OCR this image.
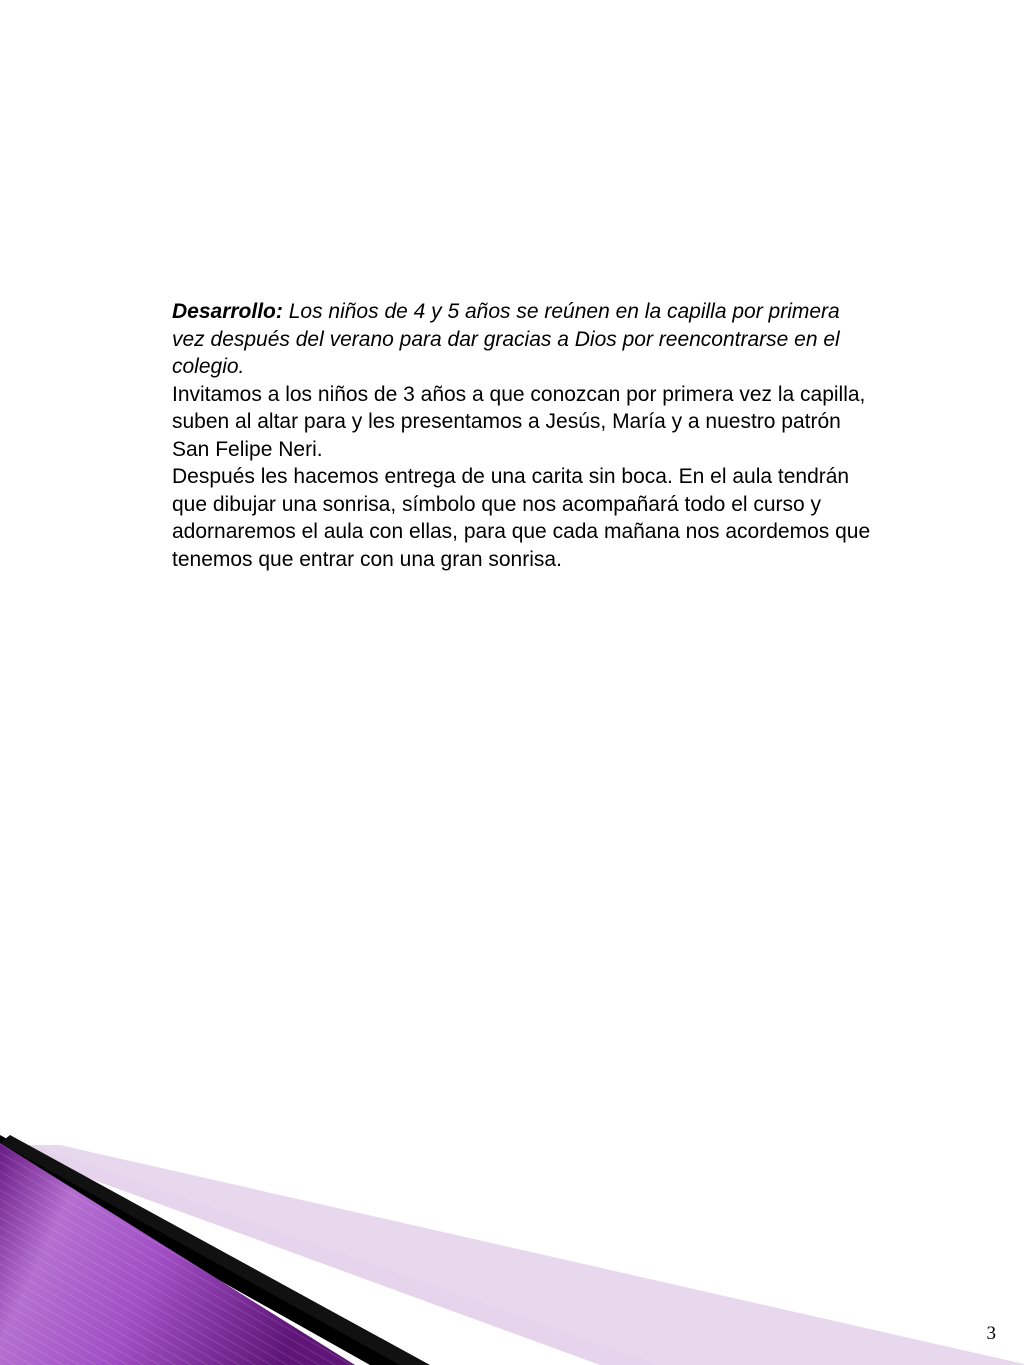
Desarrollo: Los niños de 4 y 5 años se reúnen en la capilla por primera vez después del verano para dar gracias a Dios por reencontrarse en el colegio.

Invitamos a los niños de 3 años a que conozcan por primera vez la capilla, suben al altar para y les presentamos a Jesús, María y a nuestro patrón San Felipe Neri.

Después les hacemos entrega de una carita sin boca. En el aula tendrán que dibujar una sonrisa, símbolo que nos acompañará todo el curso y adornaremos el aula con ellas, para que cada mañana nos acordemos que tenemos que entrar con una gran sonrisa.

3
